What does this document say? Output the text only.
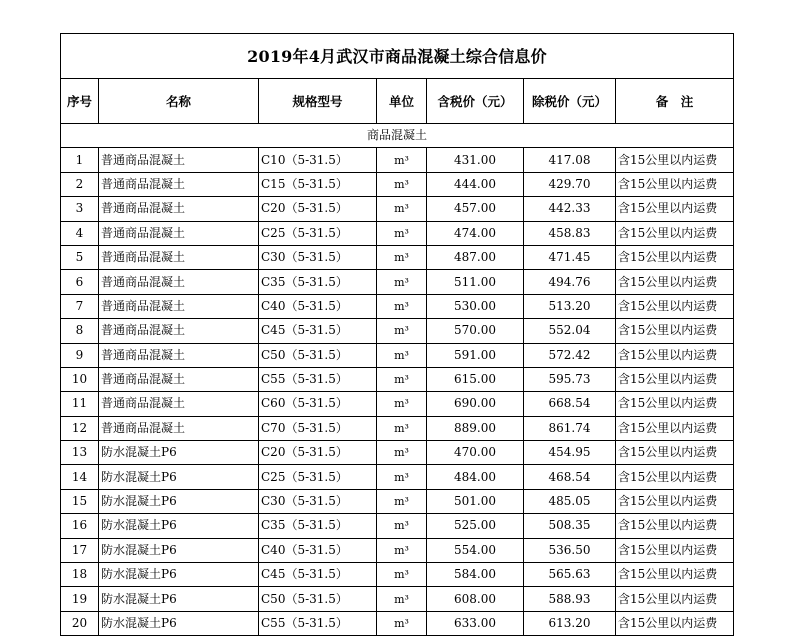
2019年4月武汉市商品混凝土综合信息价						
序号	名称	规格型号	单位	含税价（元）	除税价（元）	备　注
商品混凝土						
1	普通商品混凝土	C10（5-31.5）	m³	431.00	417.08	含15公里以内运费
2	普通商品混凝土	C15（5-31.5）	m³	444.00	429.70	含15公里以内运费
3	普通商品混凝土	C20（5-31.5）	m³	457.00	442.33	含15公里以内运费
4	普通商品混凝土	C25（5-31.5）	m³	474.00	458.83	含15公里以内运费
5	普通商品混凝土	C30（5-31.5）	m³	487.00	471.45	含15公里以内运费
6	普通商品混凝土	C35（5-31.5）	m³	511.00	494.76	含15公里以内运费
7	普通商品混凝土	C40（5-31.5）	m³	530.00	513.20	含15公里以内运费
8	普通商品混凝土	C45（5-31.5）	m³	570.00	552.04	含15公里以内运费
9	普通商品混凝土	C50（5-31.5）	m³	591.00	572.42	含15公里以内运费
10	普通商品混凝土	C55（5-31.5）	m³	615.00	595.73	含15公里以内运费
11	普通商品混凝土	C60（5-31.5）	m³	690.00	668.54	含15公里以内运费
12	普通商品混凝土	C70（5-31.5）	m³	889.00	861.74	含15公里以内运费
13	防水混凝土P6	C20（5-31.5）	m³	470.00	454.95	含15公里以内运费
14	防水混凝土P6	C25（5-31.5）	m³	484.00	468.54	含15公里以内运费
15	防水混凝土P6	C30（5-31.5）	m³	501.00	485.05	含15公里以内运费
16	防水混凝土P6	C35（5-31.5）	m³	525.00	508.35	含15公里以内运费
17	防水混凝土P6	C40（5-31.5）	m³	554.00	536.50	含15公里以内运费
18	防水混凝土P6	C45（5-31.5）	m³	584.00	565.63	含15公里以内运费
19	防水混凝土P6	C50（5-31.5）	m³	608.00	588.93	含15公里以内运费
20	防水混凝土P6	C55（5-31.5）	m³	633.00	613.20	含15公里以内运费
